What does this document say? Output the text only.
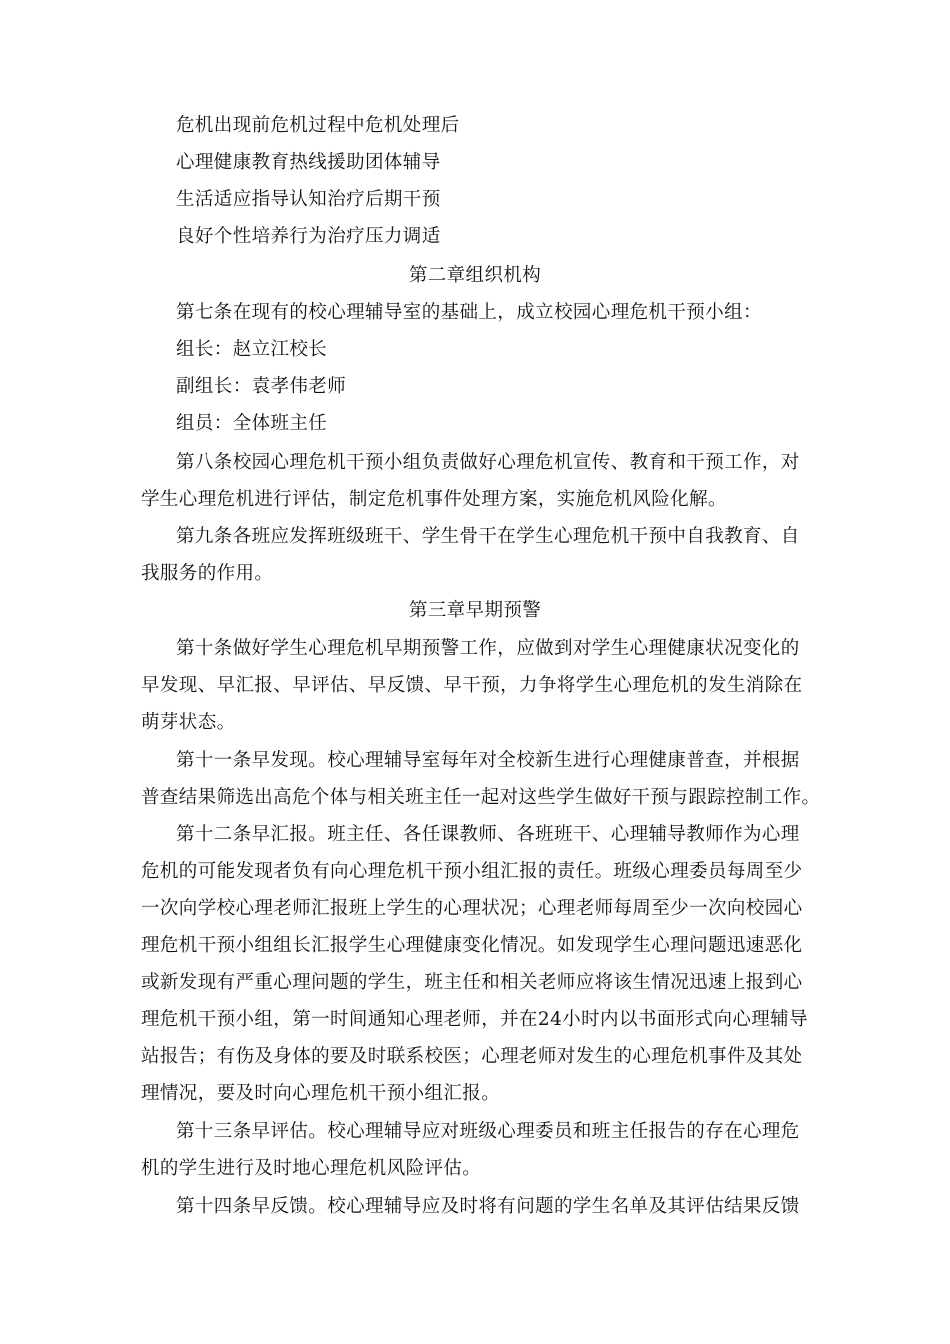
危机出现前危机过程中危机处理后
心理健康教育热线援助团体辅导
生活适应指导认知治疗后期干预
良好个性培养行为治疗压力调适
第二章组织机构
第七条在现有的校心理辅导室的基础上，成立校园心理危机干预小组：
组长：赵立江校长
副组长：袁孝伟老师
组员：全体班主任
第八条校园心理危机干预小组负责做好心理危机宣传、教育和干预工作，对
学生心理危机进行评估，制定危机事件处理方案，实施危机风险化解。
第九条各班应发挥班级班干、学生骨干在学生心理危机干预中自我教育、自
我服务的作用。
第三章早期预警
第十条做好学生心理危机早期预警工作，应做到对学生心理健康状况变化的
早发现、早汇报、早评估、早反馈、早干预，力争将学生心理危机的发生消除在
萌芽状态。
第十一条早发现。校心理辅导室每年对全校新生进行心理健康普查，并根据
普查结果筛选出高危个体与相关班主任一起对这些学生做好干预与跟踪控制工作。
第十二条早汇报。班主任、各任课教师、各班班干、心理辅导教师作为心理
危机的可能发现者负有向心理危机干预小组汇报的责任。班级心理委员每周至少
一次向学校心理老师汇报班上学生的心理状况；心理老师每周至少一次向校园心
理危机干预小组组长汇报学生心理健康变化情况。如发现学生心理问题迅速恶化
或新发现有严重心理问题的学生，班主任和相关老师应将该生情况迅速上报到心
理危机干预小组，第一时间通知心理老师，并在24小时内以书面形式向心理辅导
站报告；有伤及身体的要及时联系校医；心理老师对发生的心理危机事件及其处
理情况，要及时向心理危机干预小组汇报。
第十三条早评估。校心理辅导应对班级心理委员和班主任报告的存在心理危
机的学生进行及时地心理危机风险评估。
第十四条早反馈。校心理辅导应及时将有问题的学生名单及其评估结果反馈
